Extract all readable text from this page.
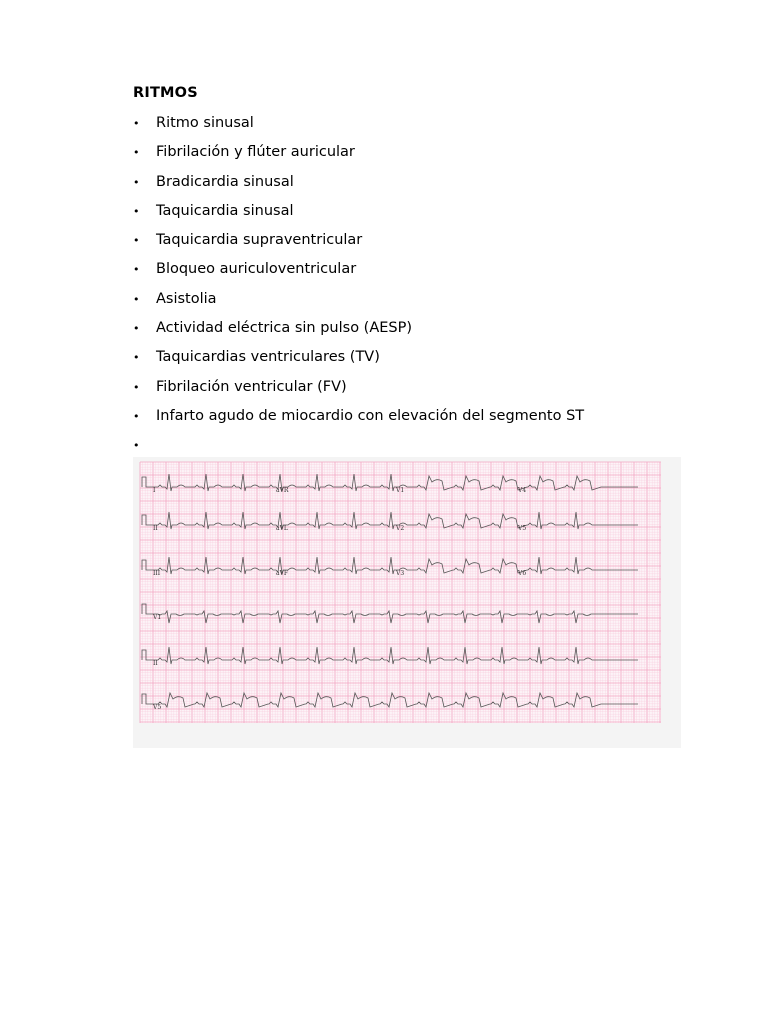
RITMOS
• Ritmo sinusal
• Fibrilación y flúter auricular
• Bradicardia sinusal
• Taquicardia sinusal
• Taquicardia supraventricular
• Bloqueo auriculoventricular
• Asistolia
• Actividad eléctrica sin pulso (AESP)
• Taquicardias ventriculares (TV)
• Fibrilación ventricular (FV)
• Infarto agudo de miocardio con elevación del segmento ST
•
I	aVR	V1	V4
II	aVL	V2	V5
III	aVF	V3	V6
V1
II
V5
